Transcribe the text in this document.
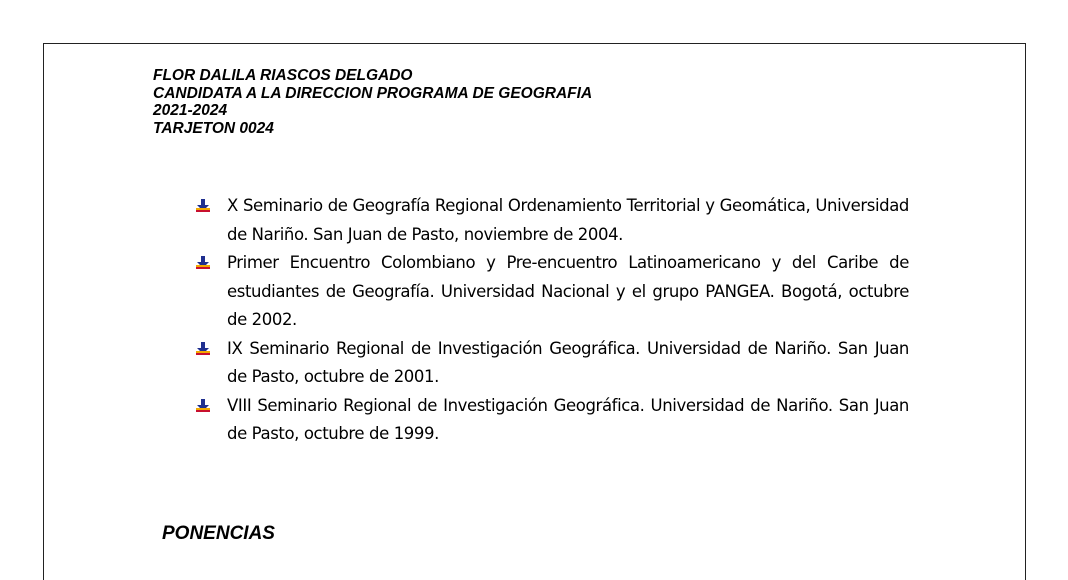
FLOR DALILA RIASCOS DELGADO
CANDIDATA A LA DIRECCION PROGRAMA DE GEOGRAFIA
2021-2024
TARJETON 0024
X Seminario de Geografía Regional Ordenamiento Territorial y Geomática, Universidad de Nariño. San Juan de Pasto, noviembre de 2004.
Primer Encuentro Colombiano y Pre-encuentro Latinoamericano y del Caribe de estudiantes de Geografía. Universidad Nacional y el grupo PANGEA. Bogotá, octubre de 2002.
IX Seminario Regional de Investigación Geográfica. Universidad de Nariño. San Juan de Pasto, octubre de 2001.
VIII Seminario Regional de Investigación Geográfica. Universidad de Nariño. San Juan de Pasto, octubre de 1999.
PONENCIAS
